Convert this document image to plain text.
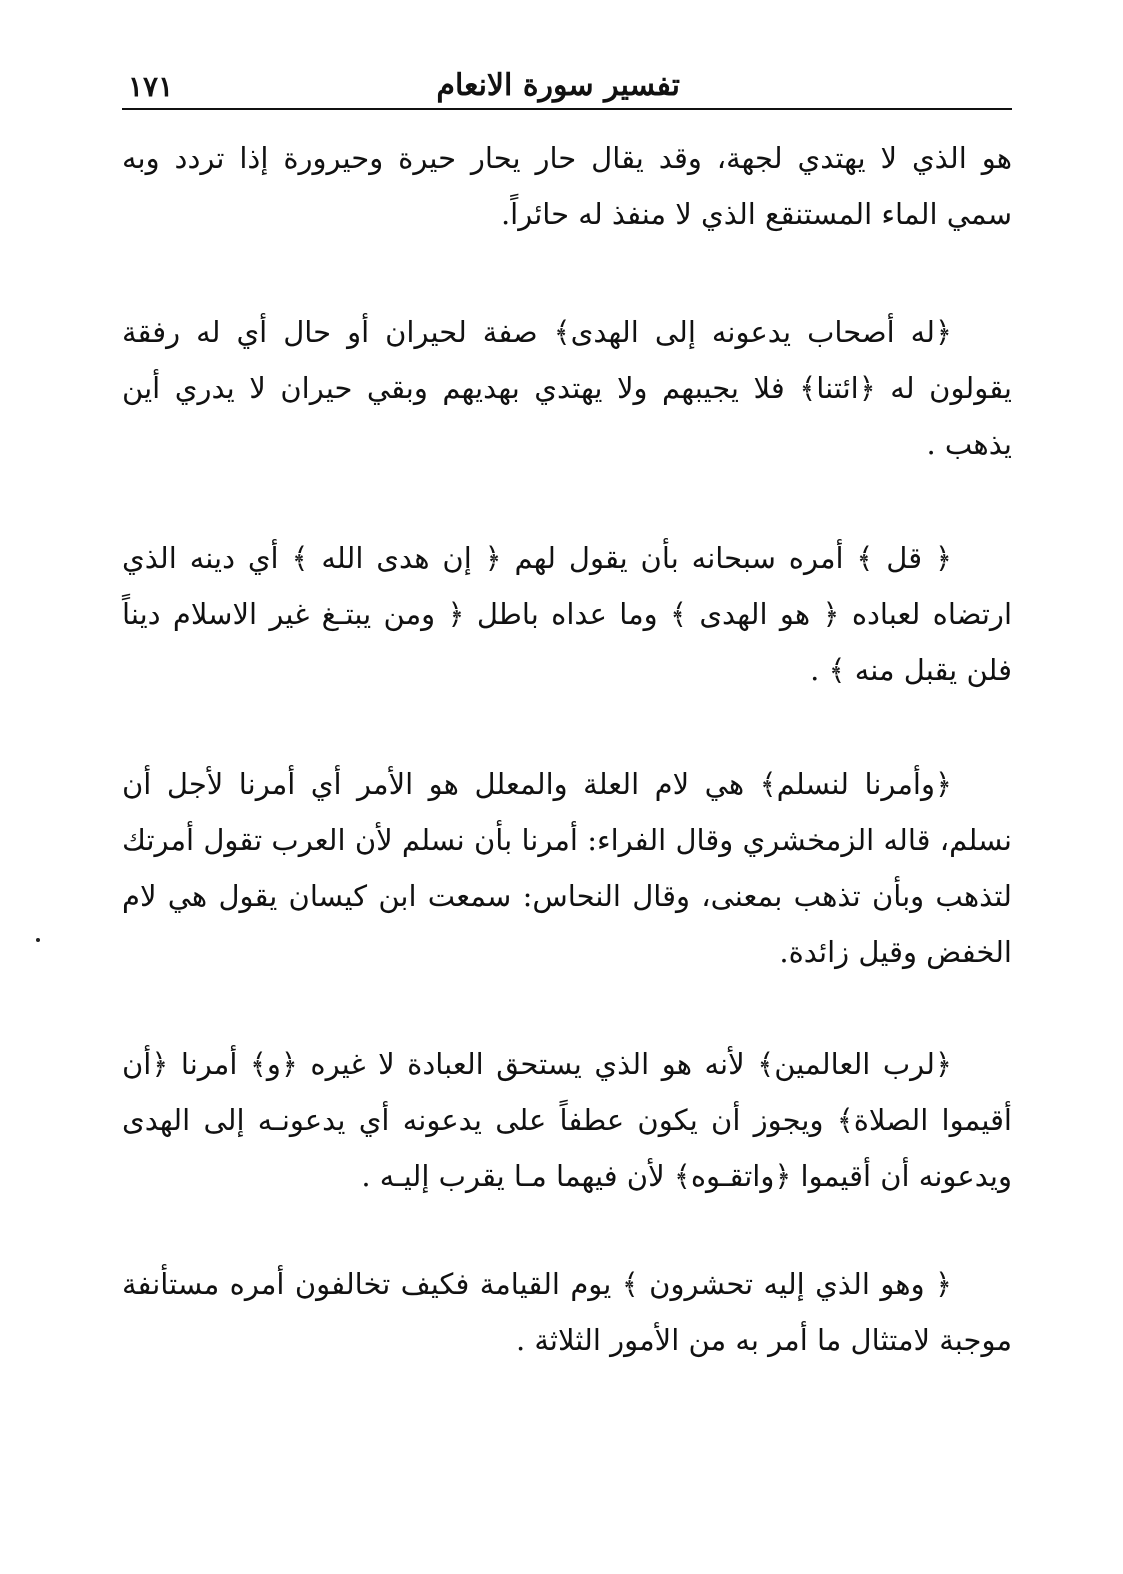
تفسير سورة الانعام
١٧١

هو الذي لا يهتدي لجهة، وقد يقال حار يحار حيرة وحيرورة إذا تردد وبه سمي الماء المستنقع الذي لا منفذ له حائراً.

﴿له أصحاب يدعونه إلى الهدى﴾ صفة لحيران أو حال أي له رفقة يقولون له ﴿ائتنا﴾ فلا يجيبهم ولا يهتدي بهديهم وبقي حيران لا يدري أين يذهب .

﴿ قل ﴾ أمره سبحانه بأن يقول لهم ﴿ إن هدى الله ﴾ أي دينه الذي ارتضاه لعباده ﴿ هو الهدى ﴾ وما عداه باطل ﴿ ومن يبتـغ غير الاسلام ديناً فلن يقبل منه ﴾ .

﴿وأمرنا لنسلم﴾ هي لام العلة والمعلل هو الأمر أي أمرنا لأجل أن نسلم، قاله الزمخشري وقال الفراء: أمرنا بأن نسلم لأن العرب تقول أمرتك لتذهب وبأن تذهب بمعنى، وقال النحاس: سمعت ابن كيسان يقول هي لام الخفض وقيل زائدة.

﴿لرب العالمين﴾ لأنه هو الذي يستحق العبادة لا غيره ﴿و﴾ أمرنا ﴿أن أقيموا الصلاة﴾ ويجوز أن يكون عطفاً على يدعونه أي يدعونـه إلى الهدى ويدعونه أن أقيموا ﴿واتقـوه﴾ لأن فيهما مـا يقرب إليـه .

﴿ وهو الذي إليه تحشرون ﴾ يوم القيامة فكيف تخالفون أمره مستأنفة موجبة لامتثال ما أمر به من الأمور الثلاثة .
